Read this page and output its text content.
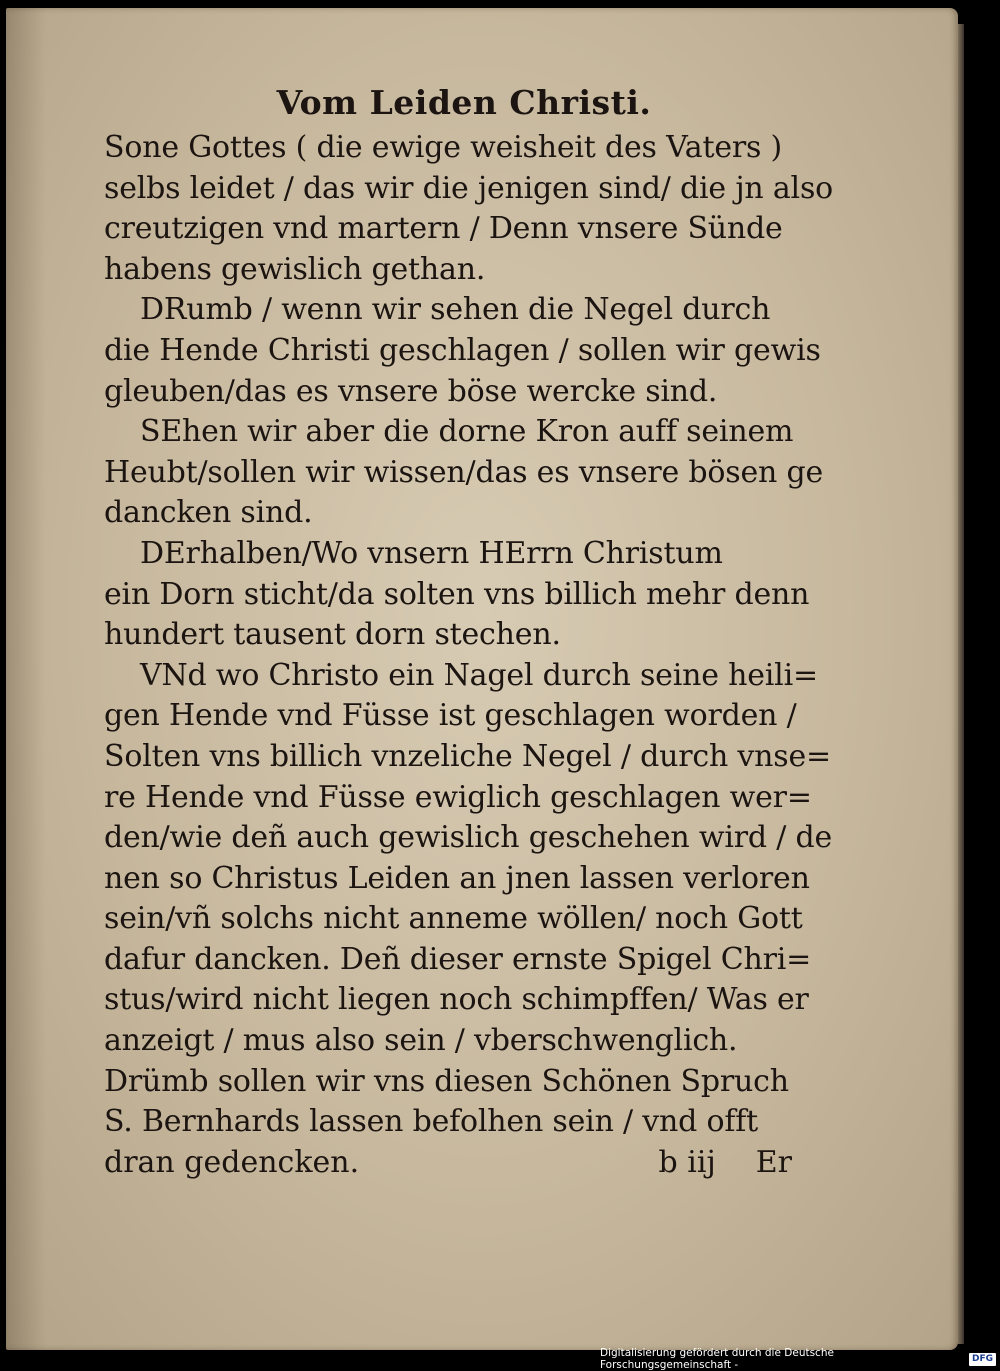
Vom Leiden Christi.
Sone Gottes ( die ewige weisheit des Vaters )
selbs leidet / das wir die jenigen sind/ die jn also
creutzigen vnd martern / Denn vnsere Sünde
habens gewislich gethan.
DRumb / wenn wir sehen die Negel durch
die Hende Christi geschlagen / sollen wir gewis
gleuben/das es vnsere böse wercke sind.
SEhen wir aber die dorne Kron auff seinem
Heubt/sollen wir wissen/das es vnsere bösen ge
dancken sind.
DErhalben/Wo vnsern HErrn Christum
ein Dorn sticht/da solten vns billich mehr denn
hundert tausent dorn stechen.
VNd wo Christo ein Nagel durch seine heili=
gen Hende vnd Füsse ist geschlagen worden /
Solten vns billich vnzeliche Negel / durch vnse=
re Hende vnd Füsse ewiglich geschlagen wer=
den/wie deñ auch gewislich geschehen wird / de
nen so Christus Leiden an jnen lassen verloren
sein/vñ solchs nicht anneme wöllen/ noch Gott
dafur dancken. Deñ dieser ernste Spigel Chri=
stus/wird nicht liegen noch schimpffen/ Was er
anzeigt / mus also sein / vberschwenglich.
Drümb sollen wir vns diesen Schönen Spruch
S. Bernhards lassen befolhen sein / vnd offt
dran gedencken.	b iij Er
Digitalisierung gefördert durch die Deutsche Forschungsgemeinschaft -
DFG
